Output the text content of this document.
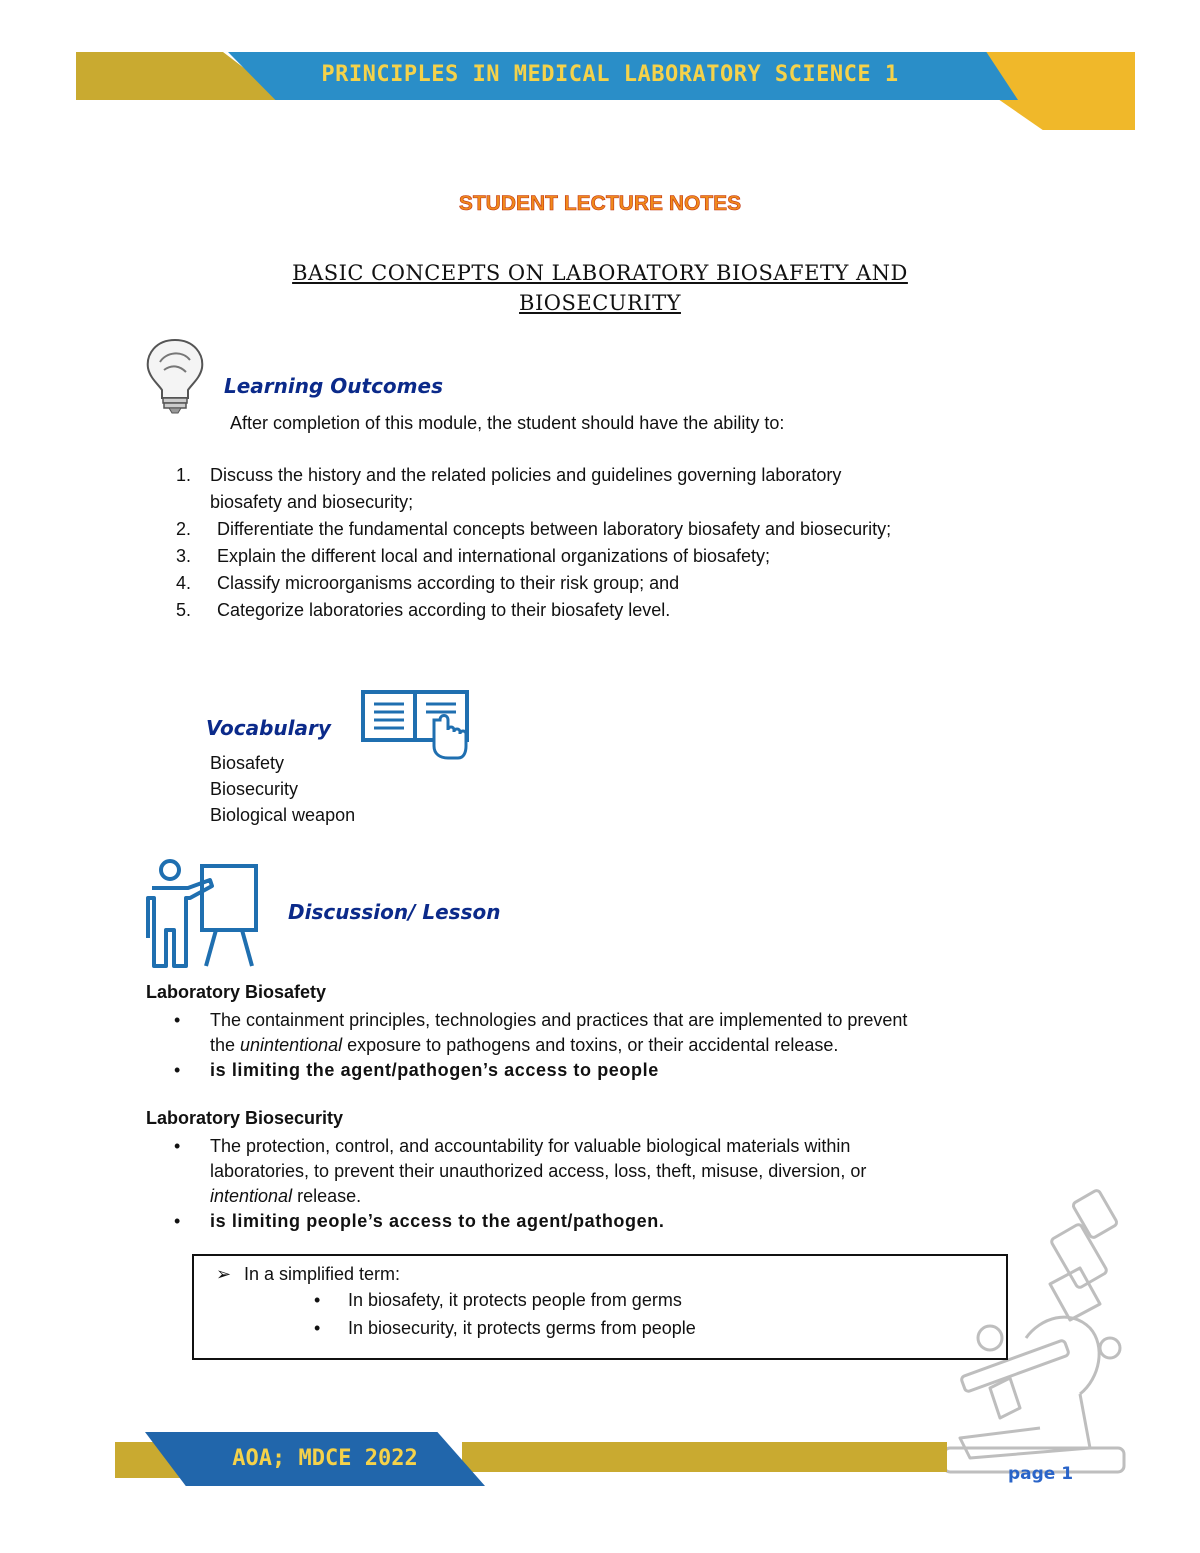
PRINCIPLES IN MEDICAL LABORATORY SCIENCE 1
STUDENT LECTURE NOTES
BASIC CONCEPTS ON LABORATORY BIOSAFETY AND
BIOSECURITY
Learning Outcomes
After completion of this module, the student should have the ability to:
1. Discuss the history and the related policies and guidelines governing laboratory
biosafety and biosecurity;
2. Differentiate the fundamental concepts between laboratory biosafety and biosecurity;
3. Explain the different local and international organizations of biosafety;
4. Classify microorganisms according to their risk group; and
5. Categorize laboratories according to their biosafety level.
Vocabulary
Biosafety
Biosecurity
Biological weapon
Discussion/ Lesson
Laboratory Biosafety
• The containment principles, technologies and practices that are implemented to prevent
the unintentional exposure to pathogens and toxins, or their accidental release.
• is limiting the agent/pathogen’s access to people
Laboratory Biosecurity
• The protection, control, and accountability for valuable biological materials within
laboratories, to prevent their unauthorized access, loss, theft, misuse, diversion, or
intentional release.
• is limiting people’s access to the agent/pathogen.
➢ In a simplified term:
• In biosafety, it protects people from germs
• In biosecurity, it protects germs from people
AOA; MDCE 2022
page 1
